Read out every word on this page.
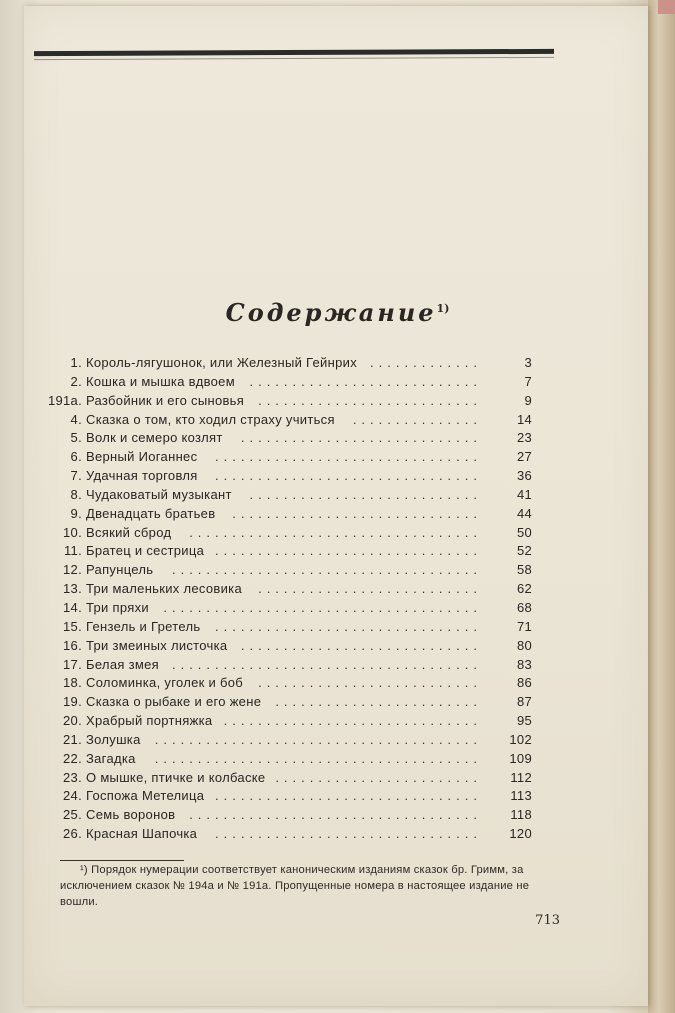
Содержание$^{1)}$
1. Король-лягушонок, или Железный Гейнрих .............	3
2. Кошка и мышка вдвоем ...........................	7
191а. Разбойник и его сыновья ..........................	9
4. Сказка о том, кто ходил страху учиться ...............	14
5. Волк и семеро козлят ............................	23
6. Верный Иоганнес ...............................	27
7. Удачная торговля ...............................	36
8. Чудаковатый музыкант ...........................	41
9. Двенадцать братьев .............................	44
10. Всякий сброд ..................................	50
11. Братец и сестрица ...............................	52
12. Рапунцель ....................................	58
13. Три маленьких лесовика ..........................	62
14. Три пряхи .....................................	68
15. Гензель и Гретель ...............................	71
16. Три змеиных листочка ............................	80
17. Белая змея ....................................	83
18. Соломинка, уголек и боб ..........................	86
19. Сказка о рыбаке и его жене ........................	87
20. Храбрый портняжка ..............................	95
21. Золушка ......................................	102
22. Загадка ......................................	109
23. О мышке, птичке и колбаске ........................	112
24. Госпожа Метелица ...............................	113
25. Семь воронов ..................................	118
26. Красная Шапочка ...............................	120
¹) Порядок нумерации соответствует каноническим изданиям сказок бр. Гримм, за исключением сказок № 194а и № 191а. Пропущенные номера в настоящее издание не вошли.
713
